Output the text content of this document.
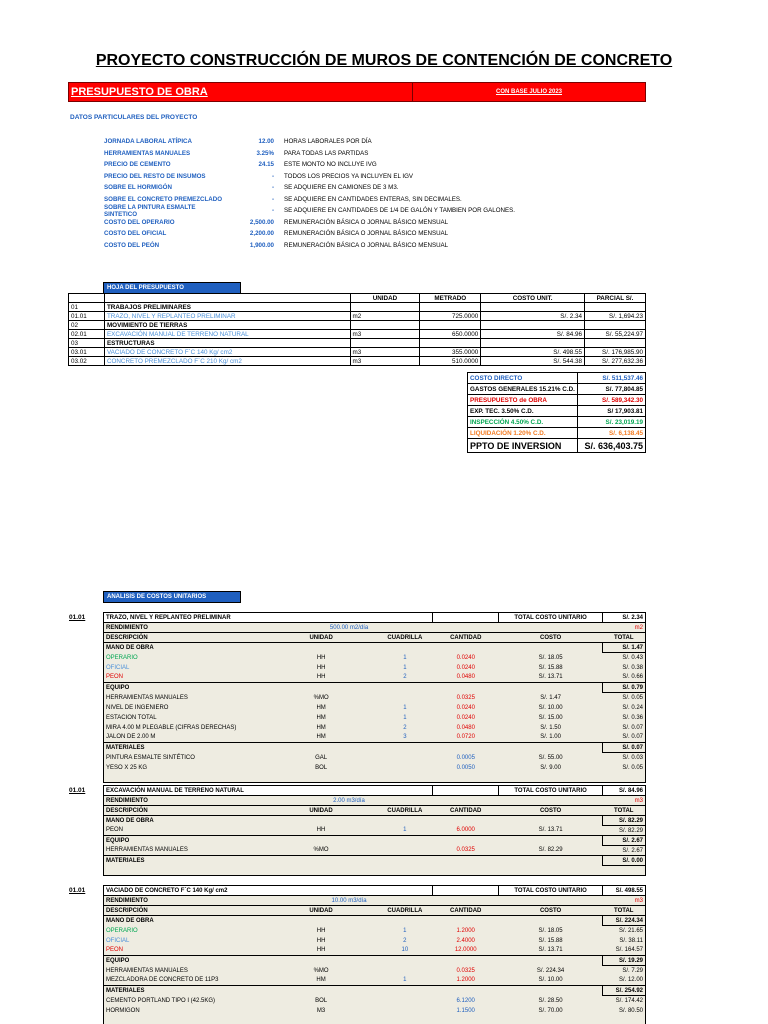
PROYECTO CONSTRUCCIÓN DE MUROS DE CONTENCIÓN DE CONCRETO
PRESUPUESTO DE OBRA	CON BASE JULIO 2023
DATOS PARTICULARES DEL PROYECTO
JORNADA LABORAL ATÍPICA	12.00	HORAS LABORALES POR DÍA
HERRAMIENTAS MANUALES	3.25%	PARA TODAS LAS PARTIDAS
PRECIO DE CEMENTO	24.15	ESTE MONTO NO INCLUYE IVG
PRECIO DEL RESTO DE INSUMOS	-	TODOS LOS PRECIOS YA INCLUYEN EL IGV
SOBRE EL HORMIGÓN	-	SE ADQUIERE EN CAMIONES DE 3 M3.
SOBRE EL CONCRETO PREMEZCLADO	-	SE ADQUIERE EN CANTIDADES ENTERAS, SIN DECIMALES.
SOBRE LA PINTURA ESMALTE SINTETICO	-	SE ADQUIERE EN CANTIDADES DE 1/4 DE GALÓN Y TAMBIEN POR GALONES.
COSTO DEL OPERARIO	2,500.00	REMUNERACIÓN BÁSICA O JORNAL BÁSICO MENSUAL
COSTO DEL OFICIAL	2,200.00	REMUNERACIÓN BÁSICA O JORNAL BÁSICO MENSUAL
COSTO DEL PEÓN	1,900.00	REMUNERACIÓN BÁSICA O JORNAL BÁSICO MENSUAL
HOJA DEL PRESUPUESTO
		UNIDAD	METRADO	COSTO UNIT.	PARCIAL S/.
01	TRABAJOS PRELIMINARES				
01.01	TRAZO, NIVEL Y REPLANTEO PRELIMINAR	m2	725.0000	S/. 2.34	S/. 1,694.23
02	MOVIMIENTO DE TIERRAS				
02.01	EXCAVACIÓN MANUAL DE TERRENO NATURAL	m3	650.0000	S/. 84.96	S/. 55,224.97
03	ESTRUCTURAS				
03.01	VACIADO DE CONCRETO F´C 140 Kg/ cm2	m3	355.0000	S/. 498.55	S/. 176,985.90
03.02	CONCRETO PREMEZCLADO F´C 210 Kg/ cm2	m3	510.0000	S/. 544.38	S/. 277,632.36
COSTO DIRECTO	S/. 511,537.46
GASTOS GENERALES 15.21% C.D.	S/. 77,804.85
PRESUPUESTO de OBRA	S/. 589,342.30
EXP. TEC. 3.50% C.D.	S/ 17,903.81
INSPECCIÓN 4.50% C.D.	S/. 23,019.19
LIQUIDACIÓN 1.20% C.D.	S/. 6,138.45
PPTO DE INVERSION	S/. 636,403.75
ANALISIS DE COSTOS UNITARIOS
01.01	TRAZO, NIVEL Y REPLANTEO PRELIMINAR				TOTAL COSTO UNITARIO	S/. 2.34
RENDIMIENTO	500.00 m2/día			m2	
DESCRIPCIÓN	UNIDAD	CUADRILLA	CANTIDAD	COSTO	TOTAL
MANO DE OBRA					S/. 1.47
OPERARIO	HH	1	0.0240	S/. 18.05	S/. 0.43
OFICIAL	HH	1	0.0240	S/. 15.88	S/. 0.38
PEON	HH	2	0.0480	S/. 13.71	S/. 0.66
EQUIPO					S/. 0.79
HERRAMIENTAS MANUALES	%MO		0.0325	S/. 1.47	S/. 0.05
NIVEL DE INGENIERO	HM	1	0.0240	S/. 10.00	S/. 0.24
ESTACION TOTAL	HM	1	0.0240	S/. 15.00	S/. 0.36
MIRA 4.00 M PLEGABLE (CIFRAS DERECHAS)	HM	2	0.0480	S/. 1.50	S/. 0.07
JALON DE 2.00 M	HM	3	0.0720	S/. 1.00	S/. 0.07
MATERIALES					S/. 0.07
PINTURA ESMALTE SINTÉTICO	GAL		0.0005	S/. 55.00	S/. 0.03
YESO X 25 KG	BOL		0.0050	S/. 9.00	S/. 0.05

01.01	EXCAVACIÓN MANUAL DE TERRENO NATURAL				TOTAL COSTO UNITARIO	S/. 84.96
RENDIMIENTO	2.00 m3/día			m3	
DESCRIPCIÓN	UNIDAD	CUADRILLA	CANTIDAD	COSTO	TOTAL
MANO DE OBRA					S/. 82.29
PEON	HH	1	6.0000	S/. 13.71	S/. 82.29
EQUIPO					S/. 2.67
HERRAMIENTAS MANUALES	%MO		0.0325	S/. 82.29	S/. 2.67
MATERIALES					S/. 0.00

01.01	VACIADO DE CONCRETO F´C 140 Kg/ cm2				TOTAL COSTO UNITARIO	S/. 498.55
RENDIMIENTO	10.00 m3/día			m3	
DESCRIPCIÓN	UNIDAD	CUADRILLA	CANTIDAD	COSTO	TOTAL
MANO DE OBRA					S/. 224.34
OPERARIO	HH	1	1.2000	S/. 18.05	S/. 21.65
OFICIAL	HH	2	2.4000	S/. 15.88	S/. 38.11
PEON	HH	10	12.0000	S/. 13.71	S/. 164.57
EQUIPO					S/. 19.29
HERRAMIENTAS MANUALES	%MO		0.0325	S/. 224.34	S/. 7.29
MEZCLADORA DE CONCRETO DE 11P3	HM	1	1.2000	S/. 10.00	S/. 12.00
MATERIALES					S/. 254.92
CEMENTO PORTLAND TIPO I (42.5KG)	BOL		6.1200	S/. 28.50	S/. 174.42
HORMIGON	M3		1.1500	S/. 70.00	S/. 80.50
